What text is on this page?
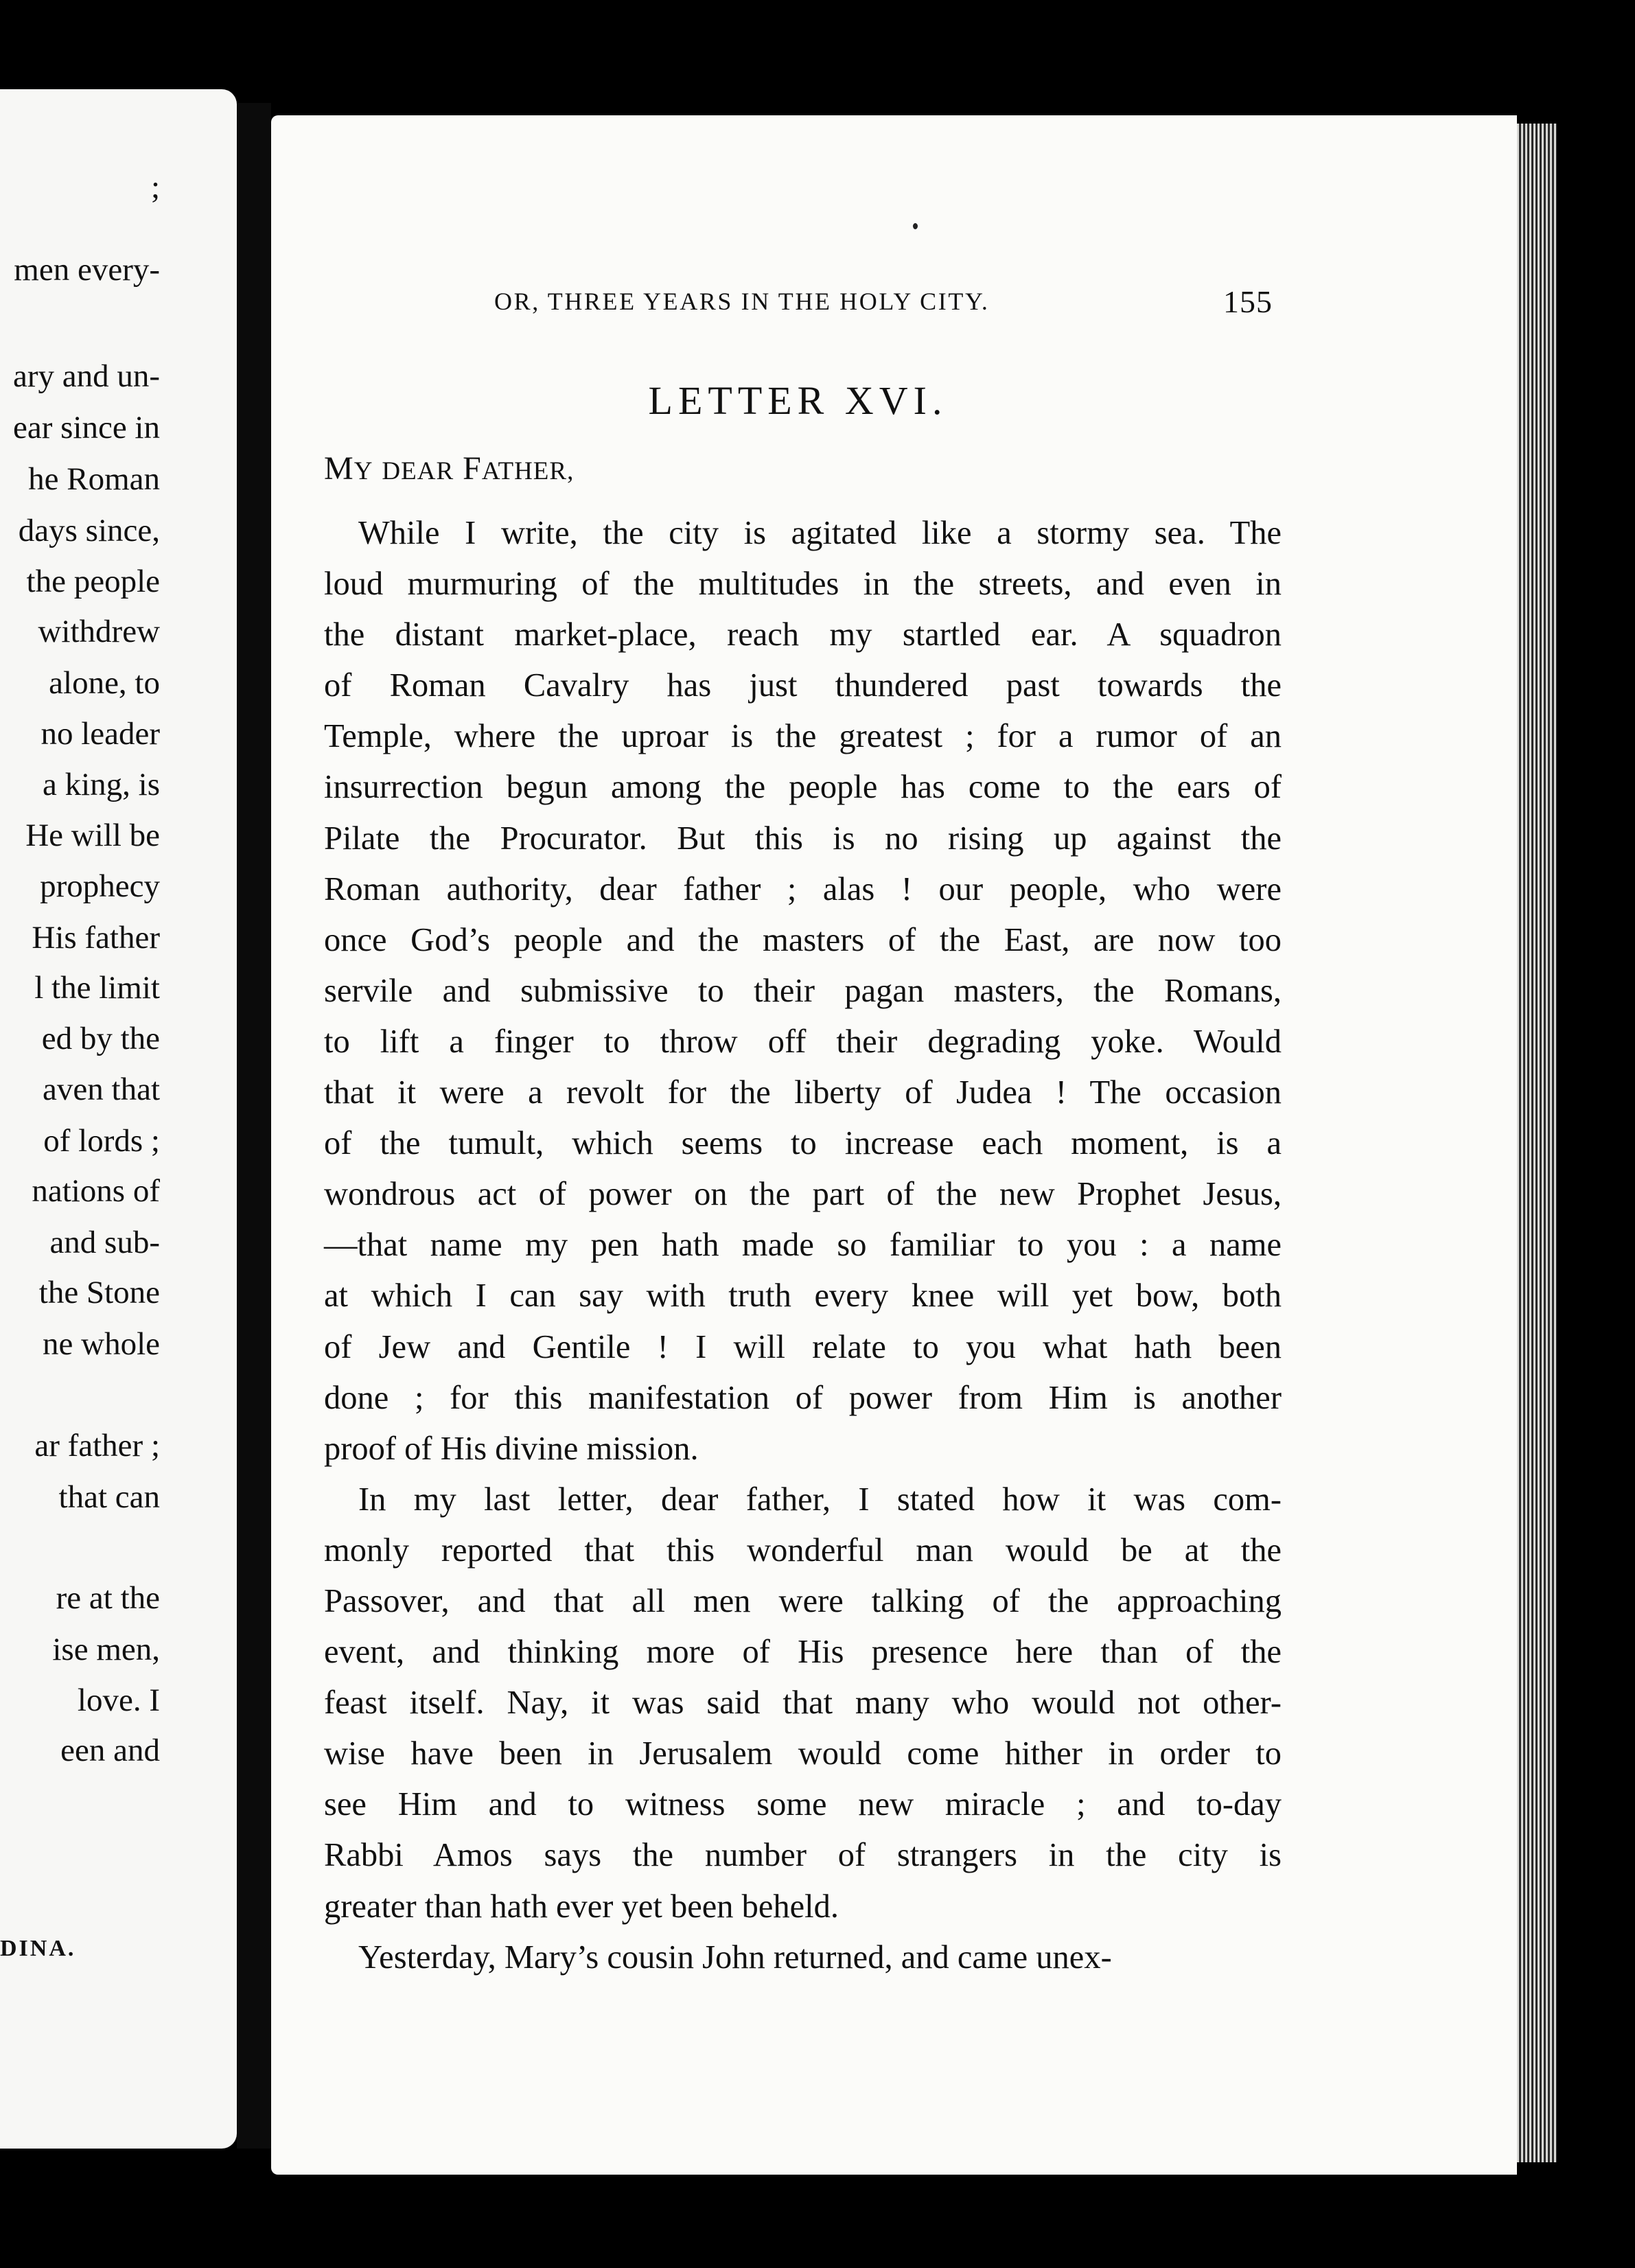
;
men every-
ary and un-
ear since in
he Roman
days since,
the people
withdrew
alone, to
no leader
a king, is
He will be
prophecy
His father
l the limit
ed by the
aven that
of lords ;
nations of
and sub-
the Stone
ne whole
ar father ;
that can
re at the
ise men,
love. I
een and
DINA.
OR, THREE YEARS IN THE HOLY CITY.	155
LETTER XVI.
MY DEAR FATHER,
While I write, the city is agitated like a stormy sea. The
loud murmuring of the multitudes in the streets, and even in
the distant market-place, reach my startled ear. A squadron
of Roman Cavalry has just thundered past towards the
Temple, where the uproar is the greatest ; for a rumor of an
insurrection begun among the people has come to the ears of
Pilate the Procurator. But this is no rising up against the
Roman authority, dear father ; alas ! our people, who were
once God’s people and the masters of the East, are now too
servile and submissive to their pagan masters, the Romans,
to lift a finger to throw off their degrading yoke. Would
that it were a revolt for the liberty of Judea ! The occasion
of the tumult, which seems to increase each moment, is a
wondrous act of power on the part of the new Prophet Jesus,
—that name my pen hath made so familiar to you : a name
at which I can say with truth every knee will yet bow, both
of Jew and Gentile ! I will relate to you what hath been
done ; for this manifestation of power from Him is another
proof of His divine mission.
In my last letter, dear father, I stated how it was com-
monly reported that this wonderful man would be at the
Passover, and that all men were talking of the approaching
event, and thinking more of His presence here than of the
feast itself. Nay, it was said that many who would not other-
wise have been in Jerusalem would come hither in order to
see Him and to witness some new miracle ; and to-day
Rabbi Amos says the number of strangers in the city is
greater than hath ever yet been beheld.
Yesterday, Mary’s cousin John returned, and came unex-
